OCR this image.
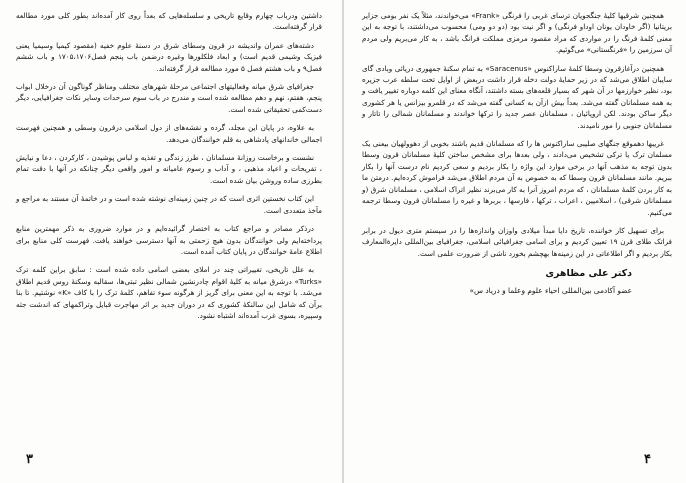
داشتین ودرباب چهارم وقایع تاریخی و سلسله‌هایی که بعداً روی کار آمده‌اند بطور کلی مورد مطالعه قرار گرفته‌است.

دشته‌های عمران واندیشه در قرون وسطای شرق در دسنهٔ علوم خفیه (مقصود کیمیا وسیمیا یعنی فیزیک وشیمی قدیم است) و ابعاد فلکلورها وغیره درضمن باب پنجم فصل۱۷۰۵،۱۷۰۶ و باب ششم فصل۹ و باب هشتم فصل ۵ مورد مطالعه قرار گرفته‌اند.

جغرافیای شرق میانه وفعالیتهای اجتماعی مرحلهٔ شهرهای مختلف ومناظر گوناگون آن درخلال ابواب پنجم، هفتم، نهم و دهم مطالعه شده است و مندرج در باب سوم سرحدات وسایر نکات جغرافیایی، دیگر دست‌کمی تحقیقاتی شده است.

به علاوه، در پایان این مجلد، گرده و نقشه‌های از دول اسلامی درقرون وسطی و همچنین فهرست اجمالی خاندانهای پادشاهی به قلم خوانندگان می‌دهد.

نشست و برخاست روزانهٔ مسلمانان ، طرز زندگی و تغذیه و لباس پوشیدن ، کارکردن ، دعا و نیایش ، تفریحات و اعیاد مذهبی ، و آداب و رسوم عامیانه و امور واقعی دیگر چنانکه در آنها با دقت تمام بطرزی ساده وروشن بیان شده است.

این کتاب نخستین اثری است که در چنین زمینه‌ای نوشته شده است و در خاتمهٔ آن مستند به مراجع و مآخذ متعددی است.

درذکر مصادر و مراجع کتاب به اختصار گرائیده‌ایم و در موارد ضروری به ذکر مهمترین منابع پرداخته‌ایم ولی خوانندگان بدون هیچ زحمتی به آنها دسترسی خواهند یافت. فهرست کلی منابع برای اطلاع عامهٔ خوانندگان در پایان کتاب آمده است.

به علل تاریخی، تغییراتی چند در املای بعضی اسامی داده شده است : سابق براین کلمه ترک «Turks» درشرق میانه به کلیهٔ اقوام چادرنشین شمالی نظیر تبتی‌ها، سقالبه وسکنهٔ روس قدیم اطلاق می‌شد. با توجه به این معنی برای گریز از هرگونه سوء تفاهم، کلمهٔ ترک را با کاف «K» نوشتیم. تا بنا برآن که شامل این سالنکهٔ کشوری که در دوران جدید بر اثر مهاجرت قبایل وتراکمهای که اندشت جثه وسپیره، بسوی غرب آمده‌اند اشتباه نشود.

همچنین شرقیها کلیهٔ جنگجویان ترسای غربی را فرنگی «Frank» می‌خواندند، مثلاً یک نفر بومی جزایر بریتانیا (اگر خاودان یونان اوداو فرنگی) و اگر نیت بود (دو دو ومی) محسوب می‌داشتند، با توجه به این معنی کلمهٔ فرنگ را در مواردی که مراد مقصود مرمزی مملکت فرانگ باشد ، به کار می‌بریم ولی مردم آن سرزمین را «فرنگستانی» می‌گوئیم.

همچنین درآغازقرون وسطا کلمهٔ ساراکنوس «Saracenus» به تمام سکنهٔ جمهوری دریائی وبادی گای سایبان اطلاق می‌شد که در زیر حمایهٔ دولت دخله قرار داشت دربعض از اوایل تحت سلطه عرب جزیره بود، نظیر خوارزمها در آن شهر که بسیار قلعه‌های بسته داشتند، آنگاه معنای این کلمه دوباره تغییر یافت و به همه مسلمانان گفته می‌شد. بعداً بیش ازآن به کسانی گفته می‌شد که در قلمرو بیزانس یا هر کشوری دیگر ساکن بودند. لکن اروپائیان ، مسلمانان عصر جدید را ترکها خواندند و مسلمانان شمالی را تاتار و مسلمانان جنوبی را مور نامیدند.

غریبها دهموقع جنگهای صلیبی ساراکنوس ها را که مسلمانان قدیم باشند بخوبی از دهوولهیان بیعنی یک مسلمان ترک یا ترکی تشخیص می‌دادند ، ولی بعدها برای مشخص ساختن کلیهٔ مسلمانان قرون وسطا بدون توجه به مذهب آنها در برخی موارد این واژه را بکار بردیم و سعی کردیم نام درست آنها را بکار ببریم. مانند مسلمانان قرون وسطا که به خصوص به آن مردم اطلاق می‌شد فراموش کرده‌ایم. درمتن ما به کار بردن کلمهٔ مسلمانان ، که مردم امروز آنرا به کار می‌برند نظیر اتراک اسلامی ، مسلمانان شرق (و مسلمانان شرقی) ، اسلامیین ، اعراب ، ترکها ، فارسها ، بربرها و غیره را مسلمانان قرون وسطا ترجمه می‌کنیم.

برای تسهیل کار خواننده، تاریخ دایا مبدأ میلادی واوزان واندازه‌ها را در سیستم متری دیول در برابر فراتک طلای قرن ۱۹ تعیین کردیم و برای اسامی جغرافیائی اسلامی، جغرافیای بین‌المللی دایرةالمعارف بکار بردیم و اگر اطلاعاتی در این زمینه‌ها بهچشم بخورد ناشی از ضرورت علمی است.

دکتر علی مظاهری
عضو آکادمی بین‌المللی احیاء علوم وعلما و دریاد س»
۳	۴
